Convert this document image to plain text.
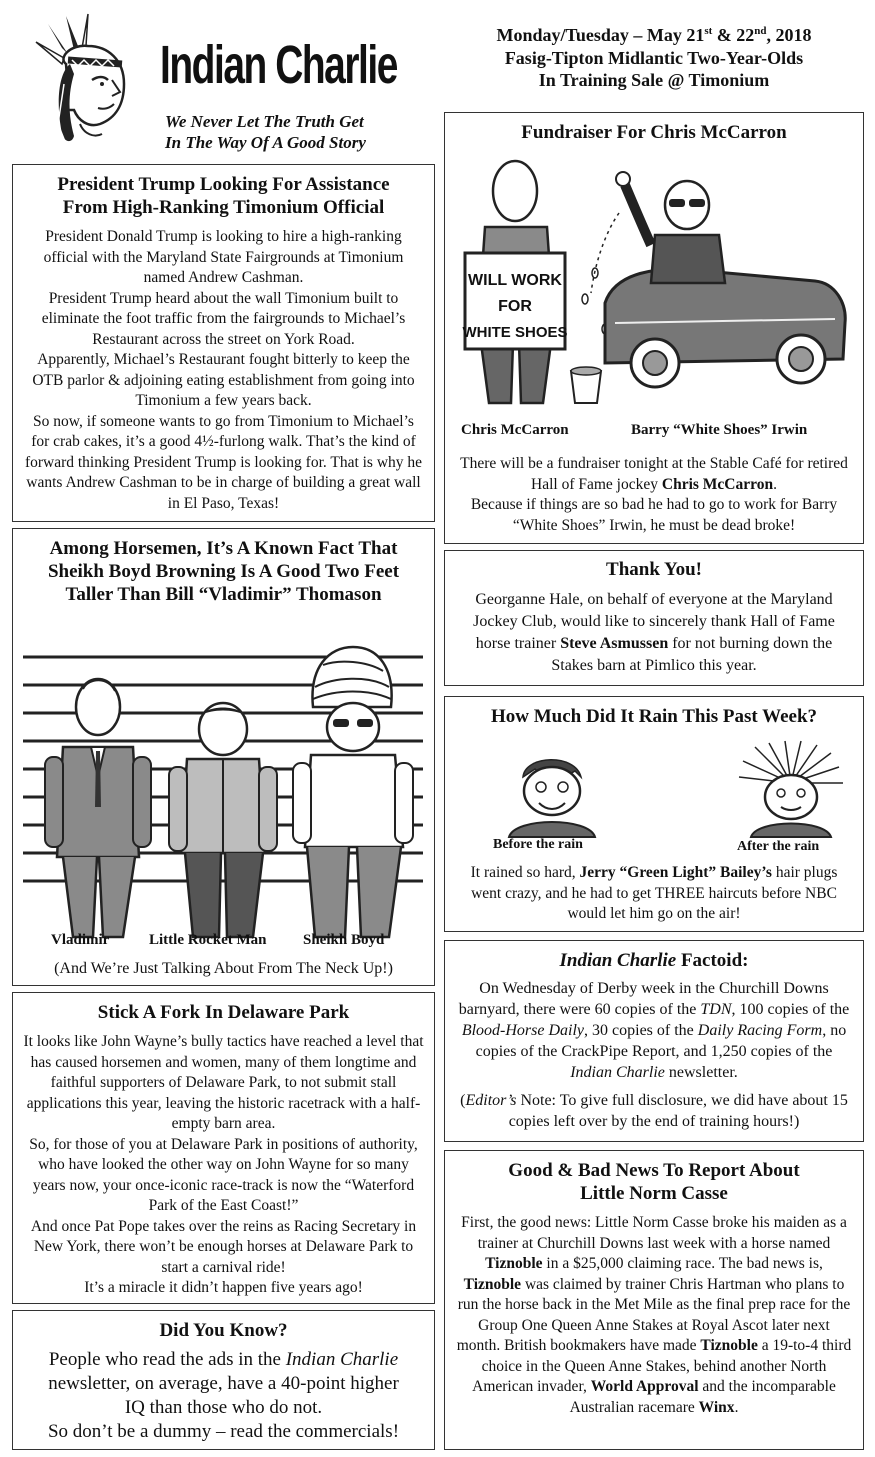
Indian Charlie
We Never Let The Truth Get
In The Way Of A Good Story
Monday/Tuesday – May 21st & 22nd, 2018
Fasig-Tipton Midlantic Two-Year-Olds
In Training Sale @ Timonium
President Trump Looking For Assistance
From High-Ranking Timonium Official

President Donald Trump is looking to hire a high-ranking official with the Maryland State Fairgrounds at Timonium named Andrew Cashman.

President Trump heard about the wall Timonium built to eliminate the foot traffic from the fairgrounds to Michael’s Restaurant across the street on York Road.

Apparently, Michael’s Restaurant fought bitterly to keep the OTB parlor & adjoining eating establishment from going into Timonium a few years back.

So now, if someone wants to go from Timonium to Michael’s for crab cakes, it’s a good 4½-furlong walk. That’s the kind of forward thinking President Trump is looking for. That is why he wants Andrew Cashman to be in charge of building a great wall in El Paso, Texas!

Among Horsemen, It’s A Known Fact That
Sheikh Boyd Browning Is A Good Two Feet
Taller Than Bill “Vladimir” Thomason
Vladimir	Little Rocket Man Sheikh Boyd
(And We’re Just Talking About From The Neck Up!)
Stick A Fork In Delaware Park

It looks like John Wayne’s bully tactics have reached a level that has caused horsemen and women, many of them longtime and faithful supporters of Delaware Park, to not submit stall applications this year, leaving the historic racetrack with a half-empty barn area.

So, for those of you at Delaware Park in positions of authority, who have looked the other way on John Wayne for so many years now, your once-iconic race-track is now the “Waterford Park of the East Coast!”

And once Pat Pope takes over the reins as Racing Secretary in New York, there won’t be enough horses at Delaware Park to start a carnival ride!

It’s a miracle it didn’t happen five years ago!

Did You Know?
People who read the ads in the Indian Charlie
newsletter, on average, have a 40-point higher
IQ than those who do not.
So don’t be a dummy – read the commercials!
Fundraiser For Chris McCarron
WILL WORK
FOR
WHITE SHOES
Chris McCarron	Barry “White Shoes” Irwin

There will be a fundraiser tonight at the Stable Café for retired Hall of Fame jockey Chris McCarron.

Because if things are so bad he had to go to work for Barry “White Shoes” Irwin, he must be dead broke!

Thank You!

Georganne Hale, on behalf of everyone at the Maryland Jockey Club, would like to sincerely thank Hall of Fame horse trainer Steve Asmussen for not burning down the Stakes barn at Pimlico this year.

How Much Did It Rain This Past Week?
Before the rain	After the rain

It rained so hard, Jerry “Green Light” Bailey’s hair plugs went crazy, and he had to get THREE haircuts before NBC would let him go on the air!

Indian Charlie Factoid:

On Wednesday of Derby week in the Churchill Downs barnyard, there were 60 copies of the TDN, 100 copies of the Blood-Horse Daily, 30 copies of the Daily Racing Form, no copies of the CrackPipe Report, and 1,250 copies of the Indian Charlie newsletter.

(Editor’s Note: To give full disclosure, we did have about 15 copies left over by the end of training hours!)

Good & Bad News To Report About
Little Norm Casse

First, the good news: Little Norm Casse broke his maiden as a trainer at Churchill Downs last week with a horse named Tiznoble in a $25,000 claiming race. The bad news is, Tiznoble was claimed by trainer Chris Hartman who plans to run the horse back in the Met Mile as the final prep race for the Group One Queen Anne Stakes at Royal Ascot later next month. British bookmakers have made Tiznoble a 19-to-4 third choice in the Queen Anne Stakes, behind another North American invader, World Approval and the incomparable Australian racemare Winx.
